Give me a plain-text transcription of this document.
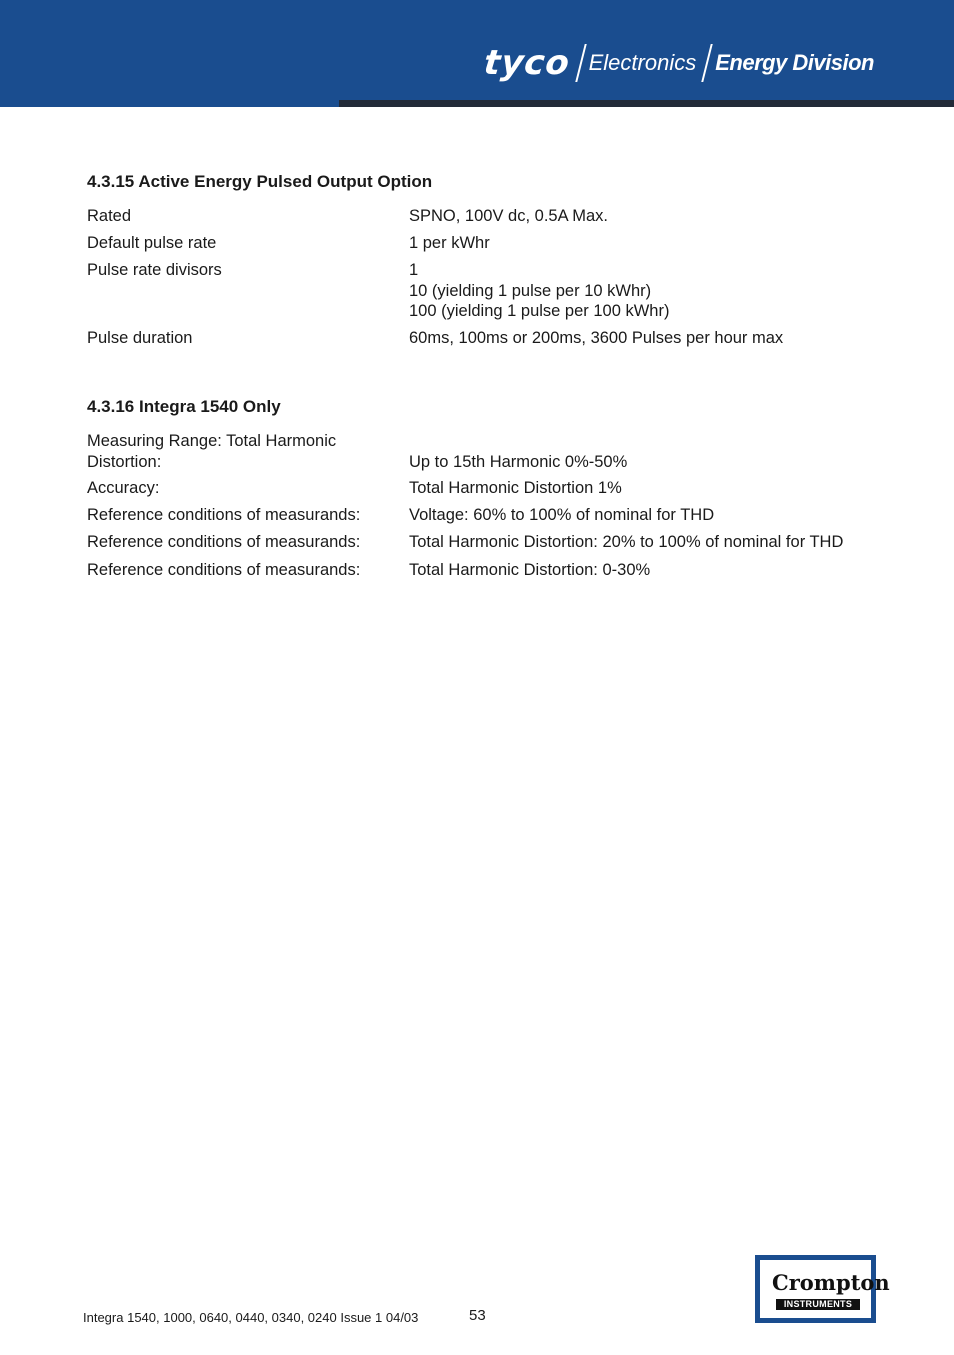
tyco Electronics Energy Division
4.3.15 Active Energy Pulsed Output Option
Rated	SPNO, 100V dc, 0.5A Max.
Default pulse rate	1 per kWhr
Pulse rate divisors	1
10 (yielding 1 pulse per 10 kWhr)
100 (yielding 1 pulse per 100 kWhr)
Pulse duration	60ms, 100ms or 200ms, 3600 Pulses per hour max
4.3.16 Integra 1540 Only
Measuring Range: Total Harmonic
Distortion:	Up to 15th Harmonic 0%-50%
Accuracy:	Total Harmonic Distortion 1%
Reference conditions of measurands:	Voltage: 60% to 100% of nominal for THD
Reference conditions of measurands:	Total Harmonic Distortion: 20% to 100% of nominal for THD
Reference conditions of measurands:	Total Harmonic Distortion: 0-30%
Integra 1540, 1000, 0640, 0440, 0340, 0240 Issue 1 04/03	53
Crompton
INSTRUMENTS
